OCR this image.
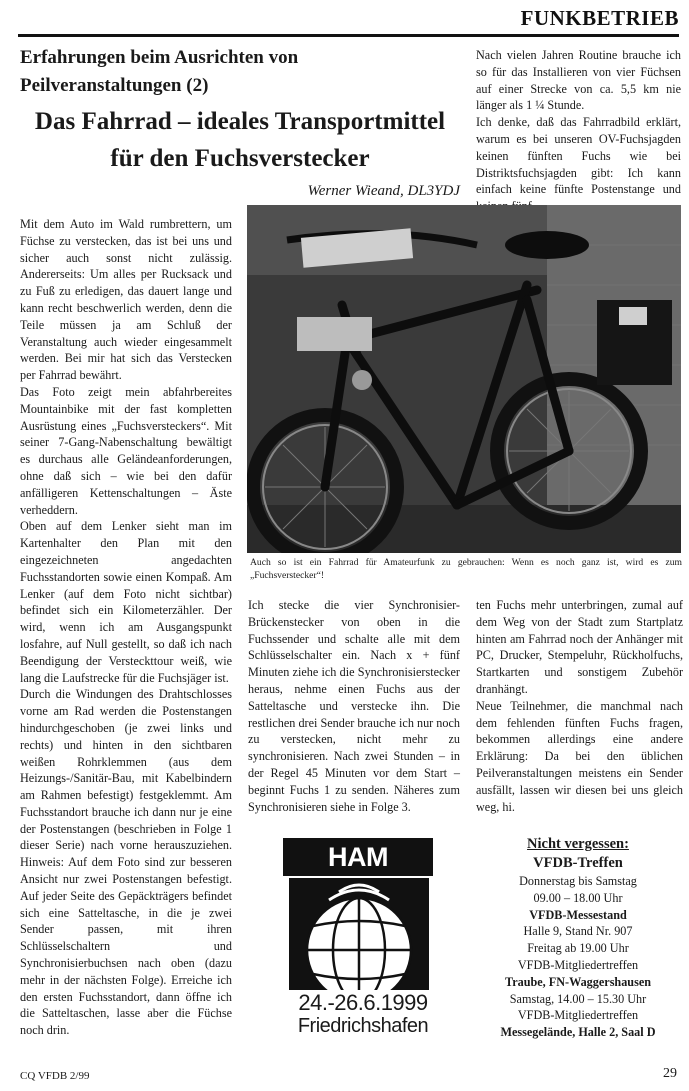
FUNKBETRIEB
Erfahrungen beim Ausrichten von
Peilveranstaltungen (2)
Das Fahrrad – ideales Transportmittel
für den Fuchsverstecker
Werner Wieand, DL3YDJ

Mit dem Auto im Wald rumbrettern, um Füchse zu verstecken, das ist bei uns und sicher auch sonst nicht zulässig. Andererseits: Um alles per Rucksack und zu Fuß zu erledigen, das dauert lange und kann recht beschwerlich werden, denn die Teile müssen ja am Schluß der Veranstaltung auch wieder eingesammelt werden. Bei mir hat sich das Verstecken per Fahrrad bewährt.

Das Foto zeigt mein abfahrbereites Mountainbike mit der fast kompletten Ausrüstung eines „Fuchsversteckers“. Mit seiner 7-Gang-Nabenschaltung bewältigt es durchaus alle Geländeanforderungen, ohne daß sich – wie bei den dafür anfälligeren Kettenschaltungen – Äste verheddern.

Oben auf dem Lenker sieht man im Kartenhalter den Plan mit den eingezeichneten angedachten Fuchsstandorten sowie einen Kompaß. Am Lenker (auf dem Foto nicht sichtbar) befindet sich ein Kilometerzähler. Der wird, wenn ich am Ausgangspunkt losfahre, auf Null gestellt, so daß ich nach Beendigung der Versteckttour weiß, wie lang die Laufstrecke für die Fuchsjäger ist.

Durch die Windungen des Drahtschlosses vorne am Rad werden die Postenstangen hindurchgeschoben (je zwei links und rechts) und hinten in den sichtbaren weißen Rohrklemmen (aus dem Heizungs-/Sanitär-Bau, mit Kabelbindern am Rahmen befestigt) festgeklemmt. Am Fuchsstandort brauche ich dann nur je eine der Postenstangen (beschrieben in Folge 1 dieser Serie) nach vorne herauszuziehen. Hinweis: Auf dem Foto sind zur besseren Ansicht nur zwei Postenstangen befestigt. Auf jeder Seite des Gepäckträgers befindet sich eine Satteltasche, in die je zwei Sender passen, mit ihren Schlüsselschaltern und Synchronisierbuchsen nach oben (dazu mehr in der nächsten Folge). Erreiche ich den ersten Fuchsstandort, dann öffne ich die Satteltaschen, lasse aber die Füchse noch drin.

Nach vielen Jahren Routine brauche ich so für das Installieren von vier Füchsen auf einer Strecke von ca. 5,5 km nie länger als 1 ¼ Stunde.

Ich denke, daß das Fahrradbild erklärt, warum es bei unseren OV-Fuchsjagden keinen fünften Fuchs wie bei Distriktsfuchsjagden gibt: Ich kann einfach keine fünfte Postenstange und

Auch so ist ein Fahrrad für Amateurfunk zu gebrauchen: Wenn es noch ganz ist, wird es zum „Fuchsverstecker“!

Ich stecke die vier Synchronisier-Brückenstecker von oben in die Fuchssender und schalte alle mit dem Schlüsselschalter ein. Nach x + fünf Minuten ziehe ich die Synchronisierstecker heraus, nehme einen Fuchs aus der Satteltasche und verstecke ihn. Die restlichen drei Sender brauche ich nur noch zu verstecken, nicht mehr zu synchronisieren. Nach zwei Stunden – in der Regel 45 Minuten vor dem Start – beginnt Fuchs 1 zu senden. Näheres zum Synchronisieren siehe in Folge 3.

ten Fuchs mehr unterbringen, zumal auf dem Weg von der Stadt zum Startplatz hinten am Fahrrad noch der Anhänger mit PC, Drucker, Stempeluhr, Rückholfuchs, Startkarten und sonstigem Zubehör dranhängt.

Neue Teilnehmer, die manchmal nach dem fehlenden fünften Fuchs fragen, bekommen allerdings eine andere Erklärung: Da bei den üblichen Peilveranstaltungen meistens ein Sender ausfällt, lassen wir diesen bei uns gleich weg, hi.

HAM
24.-26.6.1999
Friedrichshafen
Nicht vergessen:
VFDB-Treffen
Donnerstag bis Samstag
09.00 – 18.00 Uhr
VFDB-Messestand
Halle 9, Stand Nr. 907
Freitag ab 19.00 Uhr
VFDB-Mitgliedertreffen
Traube, FN-Waggershausen
Samstag, 14.00 – 15.30 Uhr
VFDB-Mitgliedertreffen
Messegelände, Halle 2, Saal D
CQ VFDB 2/99	29
